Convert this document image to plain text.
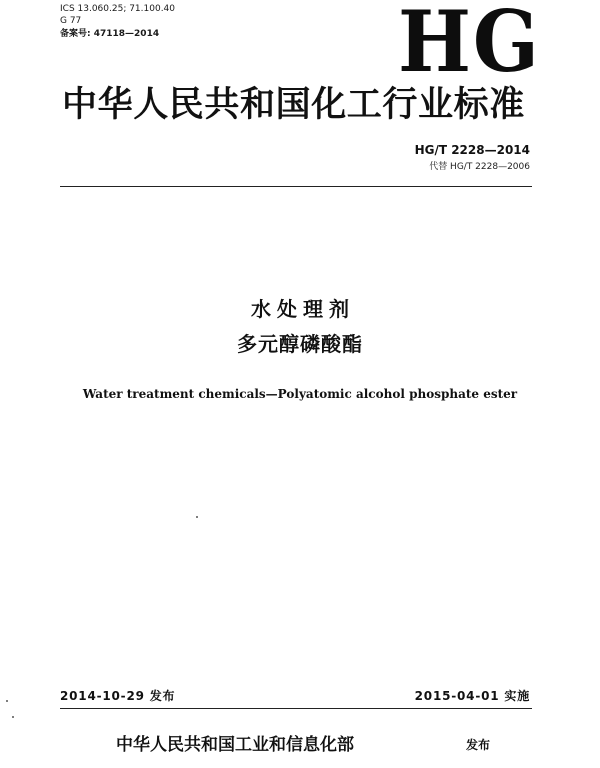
ICS 13.060.25; 71.100.40
G 77
备案号: 47118—2014	HG
中华人民共和国化工行业标准
HG/T 2228—2014
代替 HG/T 2228—2006
水处理剂
多元醇磷酸酯
Water treatment chemicals—Polyatomic alcohol phosphate ester
2014-10-29 发布	2015-04-01 实施
中华人民共和国工业和信息化部	发布
